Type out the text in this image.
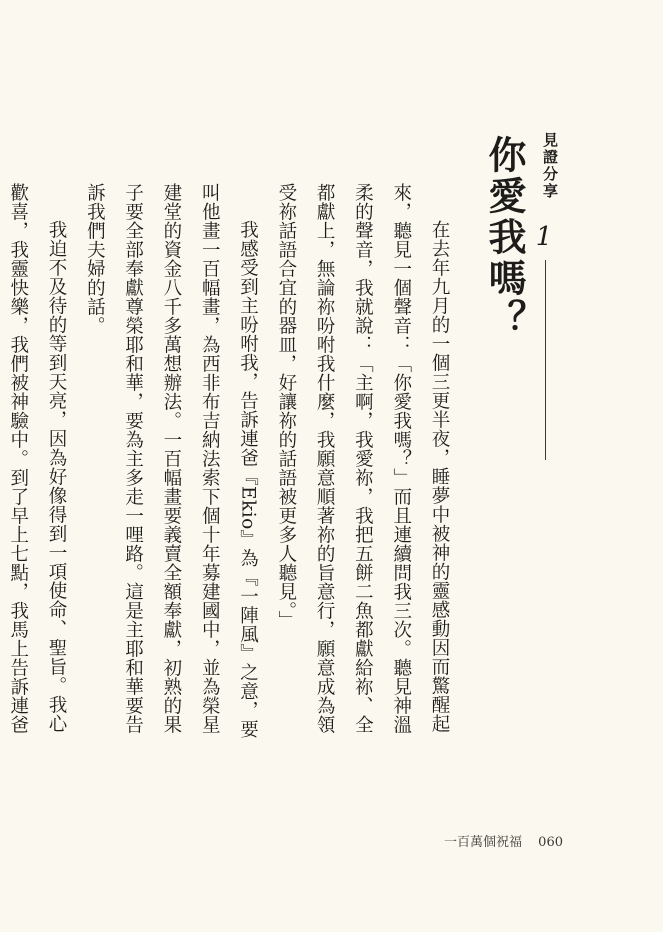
見證分享
1
你愛我嗎？

在去年九月的一個三更半夜，睡夢中被神的靈感動因而驚醒起來，聽見一個聲音：「你愛我嗎？」而且連續問我三次。聽見神溫柔的聲音，我就說：「主啊，我愛祢，我把五餅二魚都獻給祢、全都獻上，無論祢吩咐我什麼，我願意順著祢的旨意行，願意成為領受祢話語合宜的器皿，好讓祢的話語被更多人聽見。」

我感受到主吩咐我，告訴連爸『Ekio』為『一陣風』之意，要叫他畫一百幅畫，為西非布吉納法索下個十年募建國中，並為榮星建堂的資金八千多萬想辦法。一百幅畫要義賣全額奉獻，初熟的果子要全部奉獻尊榮耶和華，要為主多走一哩路。這是主耶和華要告訴我們夫婦的話。

我迫不及待的等到天亮，因為好像得到一項使命、聖旨。我心歡喜，我靈快樂，我們被神驗中。到了早上七點，我馬上告訴連爸

一百萬個祝福 060
